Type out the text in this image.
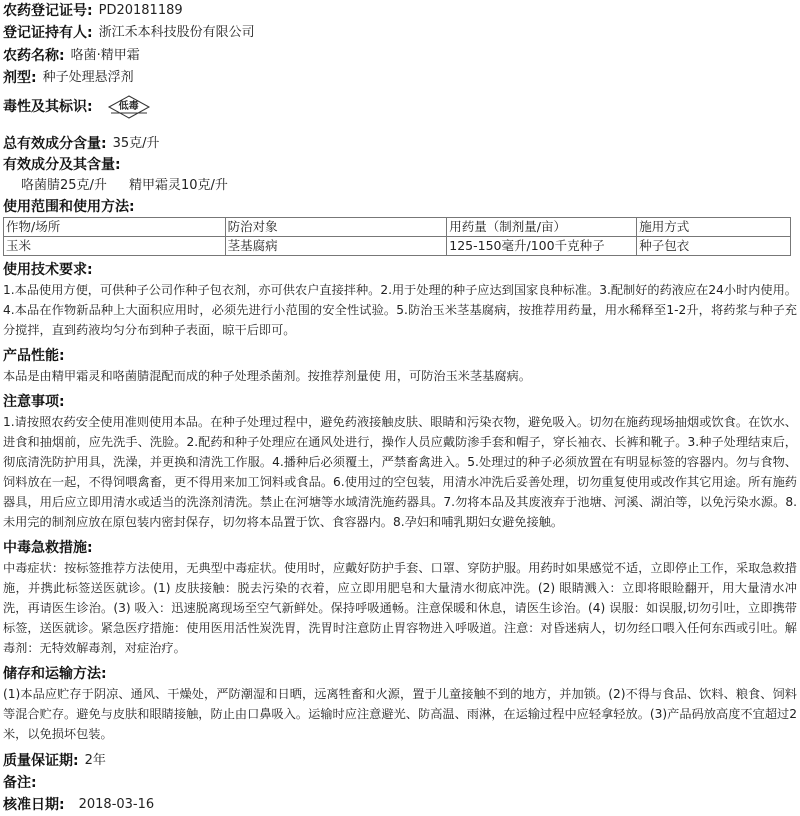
农药登记证号: PD20181189
登记证持有人: 浙江禾本科技股份有限公司
农药名称: 咯菌·精甲霜
剂型: 种子处理悬浮剂
毒性及其标识:	低毒
总有效成分含量: 35克/升
有效成分及其含量:
咯菌腈25克/升 精甲霜灵10克/升
使用范围和使用方法:
作物/场所	防治对象	用药量（制剂量/亩）	施用方式
玉米	茎基腐病	125-150毫升/100千克种子	种子包衣
使用技术要求:
1.本品使用方便，可供种子公司作种子包衣剂，亦可供农户直接拌种。2.用于处理的种子应达到国家良种标准。3.配制好的药液应在24小时内使用。4.本品在作物新品种上大面积应用时，必须先进行小范围的安全性试验。5.防治玉米茎基腐病，按推荐用药量，用水稀释至1-2升，将药浆与种子充分搅拌，直到药液均匀分布到种子表面，晾干后即可。
产品性能:
本品是由精甲霜灵和咯菌腈混配而成的种子处理杀菌剂。按推荐剂量使 用，可防治玉米茎基腐病。
注意事项:
1.请按照农药安全使用准则使用本品。在种子处理过程中，避免药液接触皮肤、眼睛和污染衣物，避免吸入。切勿在施药现场抽烟或饮食。在饮水、进食和抽烟前，应先洗手、洗脸。2.配药和种子处理应在通风处进行，操作人员应戴防渗手套和帽子，穿长袖衣、长裤和靴子。3.种子处理结束后，彻底清洗防护用具，洗澡，并更换和清洗工作服。4.播种后必须覆土，严禁畜禽进入。5.处理过的种子必须放置在有明显标签的容器内。勿与食物、饲料放在一起，不得饲喂禽畜，更不得用来加工饲料或食品。6.使用过的空包装，用清水冲洗后妥善处理，切勿重复使用或改作其它用途。所有施药器具，用后应立即用清水或适当的洗涤剂清洗。禁止在河塘等水域清洗施药器具。7.勿将本品及其废液弃于池塘、河溪、湖泊等，以免污染水源。8.未用完的制剂应放在原包装内密封保存，切勿将本品置于饮、食容器内。8.孕妇和哺乳期妇女避免接触。
中毒急救措施:
中毒症状：按标签推荐方法使用，无典型中毒症状。使用时，应戴好防护手套、口罩、穿防护服。用药时如果感觉不适，立即停止工作，采取急救措施，并携此标签送医就诊。(1) 皮肤接触：脱去污染的衣着，应立即用肥皂和大量清水彻底冲洗。(2) 眼睛溅入：立即将眼睑翻开，用大量清水冲洗，再请医生诊治。(3) 吸入：迅速脱离现场至空气新鲜处。保持呼吸通畅。注意保暖和休息，请医生诊治。(4) 误服：如误服,切勿引吐，立即携带标签，送医就诊。紧急医疗措施：使用医用活性炭洗胃，洗胃时注意防止胃容物进入呼吸道。注意：对昏迷病人，切勿经口喂入任何东西或引吐。解毒剂：无特效解毒剂，对症治疗。
储存和运输方法:
(1)本品应贮存于阴凉、通风、干燥处，严防潮湿和日晒，远离牲畜和火源，置于儿童接触不到的地方，并加锁。(2)不得与食品、饮料、粮食、饲料等混合贮存。避免与皮肤和眼睛接触，防止由口鼻吸入。运输时应注意避光、防高温、雨淋，在运输过程中应轻拿轻放。(3)产品码放高度不宜超过2米，以免损坏包装。
质量保证期: 2年
备注:
核准日期: 2018-03-16
